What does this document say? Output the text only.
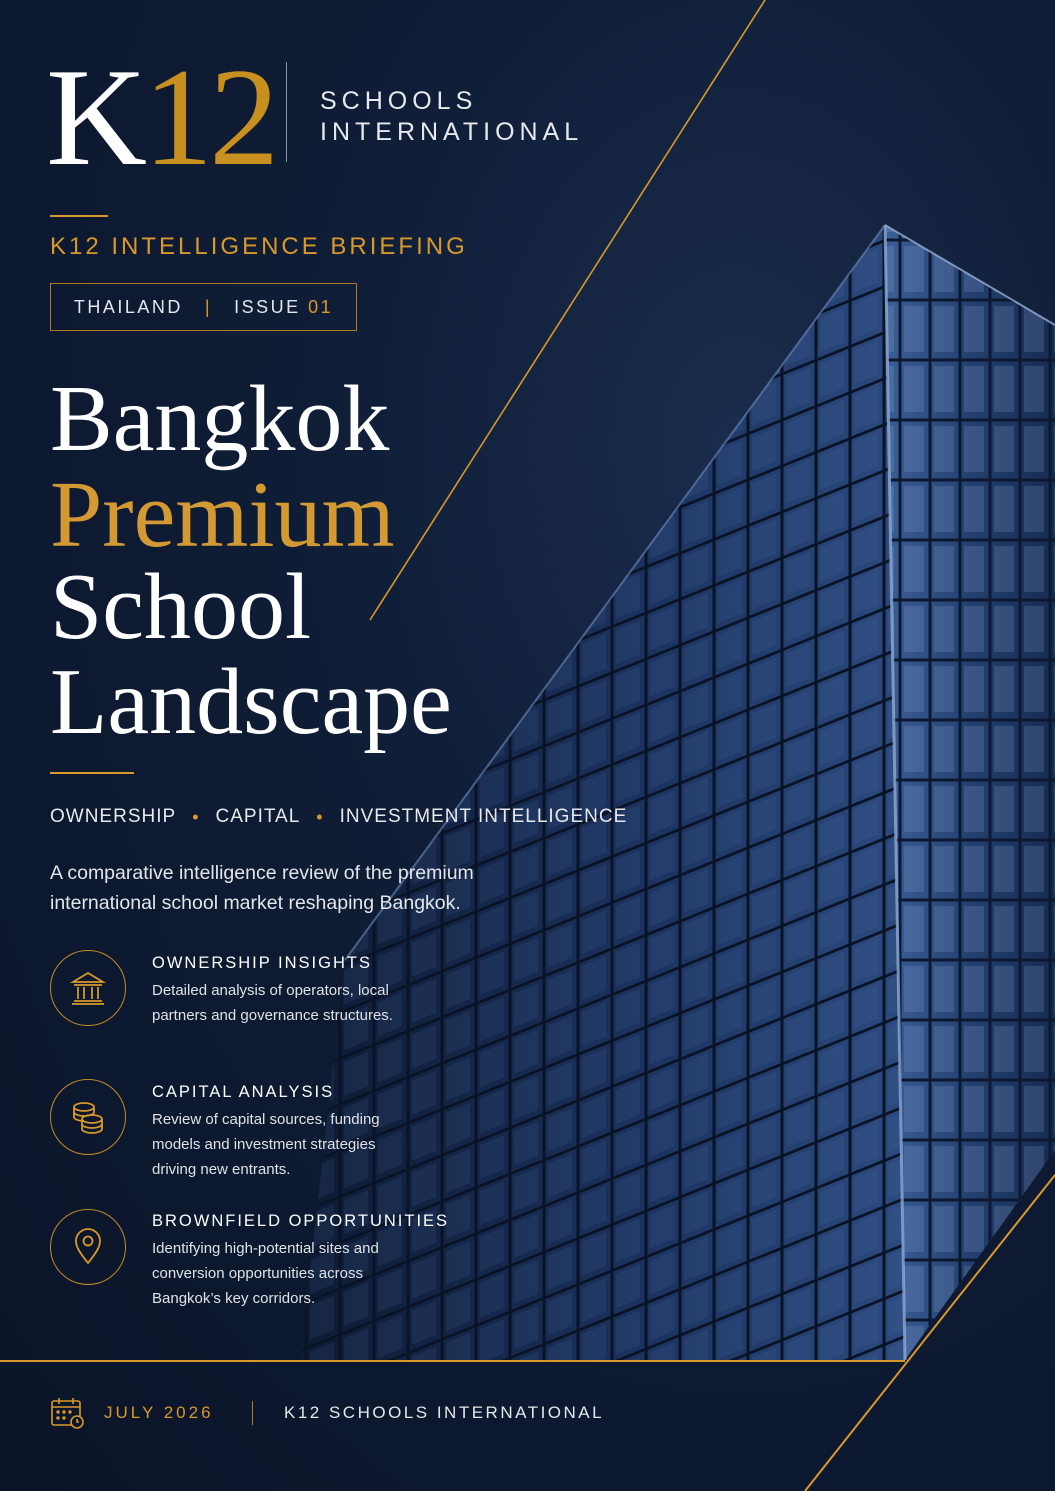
K12 SCHOOLS
INTERNATIONAL
K12 INTELLIGENCE BRIEFING
THAILAND | ISSUE
01
Bangkok
Premium
School
Landscape
OWNERSHIP • CAPITAL • INVESTMENT INTELLIGENCE
A comparative intelligence review of the premium international school market reshaping Bangkok.
OWNERSHIP INSIGHTS
Detailed analysis of operators, local partners and governance structures.
CAPITAL ANALYSIS
Review of capital sources, funding models and investment strategies driving new entrants.
BROWNFIELD OPPORTUNITIES
Identifying high-potential sites and conversion opportunities across Bangkok’s key corridors.
JULY 2026	K12 SCHOOLS INTERNATIONAL
